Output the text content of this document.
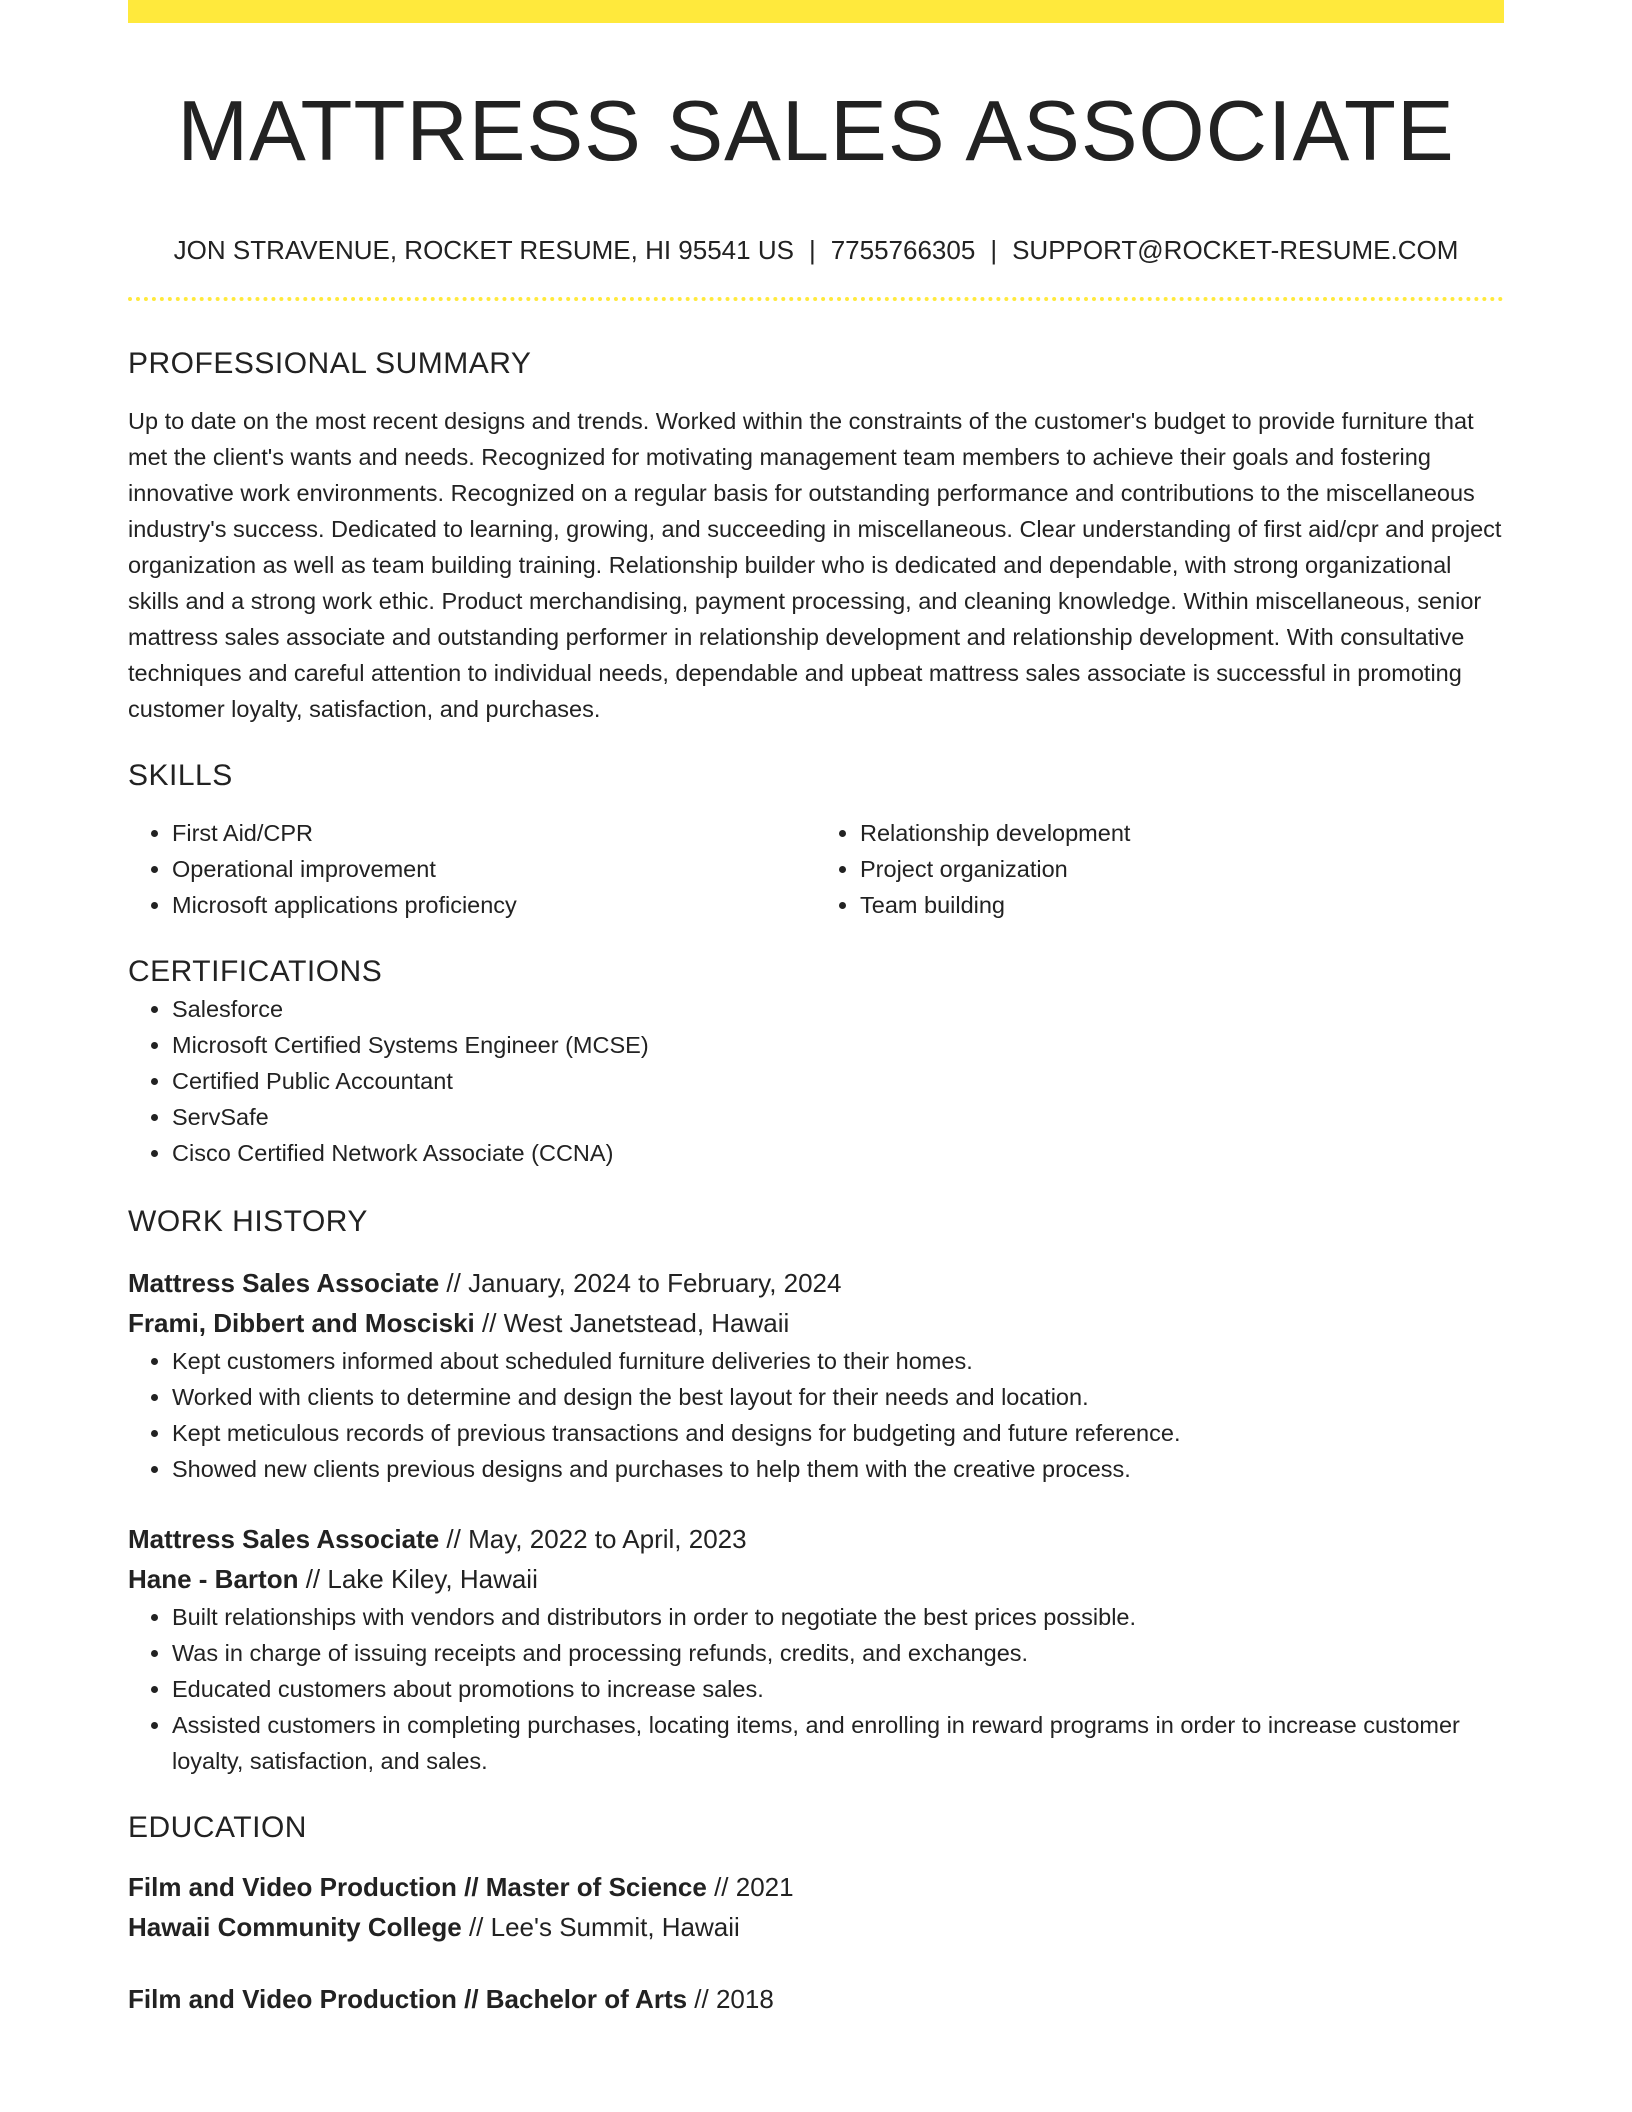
MATTRESS SALES ASSOCIATE
JON STRAVENUE, ROCKET RESUME, HI 95541 US | 7755766305 | SUPPORT@ROCKET-RESUME.COM
PROFESSIONAL SUMMARY

Up to date on the most recent designs and trends. Worked within the constraints of the customer's budget to provide furniture that met the client's wants and needs. Recognized for motivating management team members to achieve their goals and fostering innovative work environments. Recognized on a regular basis for outstanding performance and contributions to the miscellaneous industry's success. Dedicated to learning, growing, and succeeding in miscellaneous. Clear understanding of first aid/cpr and project organization as well as team building training. Relationship builder who is dedicated and dependable, with strong organizational skills and a strong work ethic. Product merchandising, payment processing, and cleaning knowledge. Within miscellaneous, senior mattress sales associate and outstanding performer in relationship development and relationship development. With consultative techniques and careful attention to individual needs, dependable and upbeat mattress sales associate is successful in promoting customer loyalty, satisfaction, and purchases.

SKILLS
• First Aid/CPR
• Operational improvement
• Microsoft applications proficiency
• Relationship development
• Project organization
• Team building
CERTIFICATIONS
• Salesforce
• Microsoft Certified Systems Engineer (MCSE)
• Certified Public Accountant
• ServSafe
• Cisco Certified Network Associate (CCNA)
WORK HISTORY
Mattress Sales Associate // January, 2024 to February, 2024
Frami, Dibbert and Mosciski // West Janetstead, Hawaii
• Kept customers informed about scheduled furniture deliveries to their homes.
• Worked with clients to determine and design the best layout for their needs and location.
• Kept meticulous records of previous transactions and designs for budgeting and future reference.
• Showed new clients previous designs and purchases to help them with the creative process.
Mattress Sales Associate // May, 2022 to April, 2023
Hane - Barton // Lake Kiley, Hawaii
• Built relationships with vendors and distributors in order to negotiate the best prices possible.
• Was in charge of issuing receipts and processing refunds, credits, and exchanges.
• Educated customers about promotions to increase sales.
• Assisted customers in completing purchases, locating items, and enrolling in reward programs in order to increase customer loyalty, satisfaction, and sales.
EDUCATION
Film and Video Production // Master of Science // 2021
Hawaii Community College // Lee's Summit, Hawaii
Film and Video Production // Bachelor of Arts // 2018
